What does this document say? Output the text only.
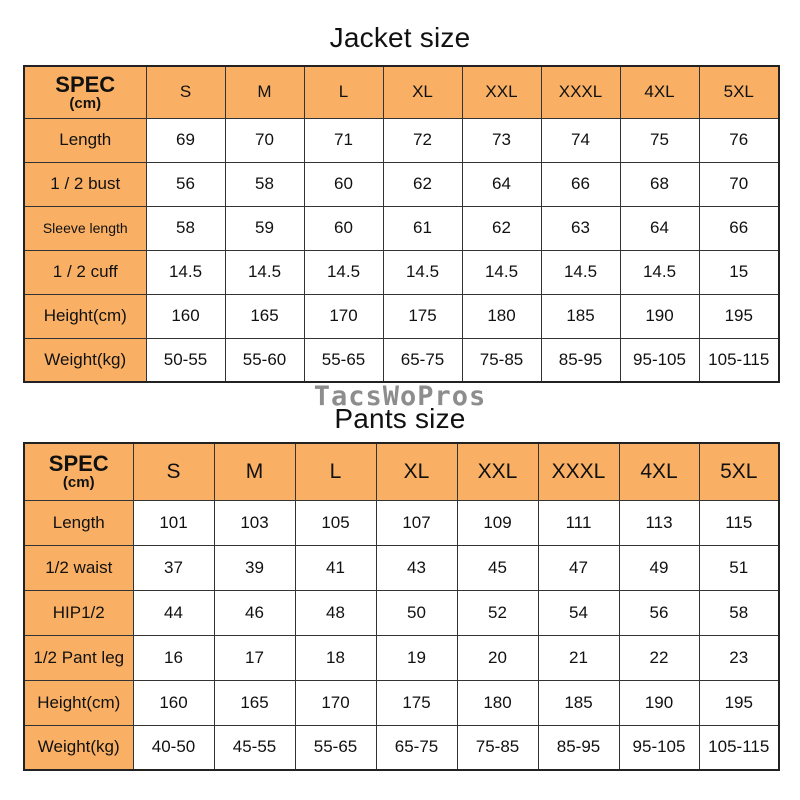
Jacket size
SPEC
(cm)	S	M	L	XL	XXL	XXXL	4XL	5XL
Length	69	70	71	72	73	74	75	76
1 / 2 bust	56	58	60	62	64	66	68	70
Sleeve length	58	59	60	61	62	63	64	66
1 / 2 cuff	14.5	14.5	14.5	14.5	14.5	14.5	14.5	15
Height(cm)	160	165	170	175	180	185	190	195
Weight(kg)	50-55	55-60	55-65	65-75	75-85	85-95	95-105	105-115
TacsWoPros
Pants size
SPEC
(cm)	S	M	L	XL	XXL	XXXL	4XL	5XL
Length	101	103	105	107	109	111	113	115
1/2 waist	37	39	41	43	45	47	49	51
HIP1/2	44	46	48	50	52	54	56	58
1/2 Pant leg	16	17	18	19	20	21	22	23
Height(cm)	160	165	170	175	180	185	190	195
Weight(kg)	40-50	45-55	55-65	65-75	75-85	85-95	95-105	105-115
